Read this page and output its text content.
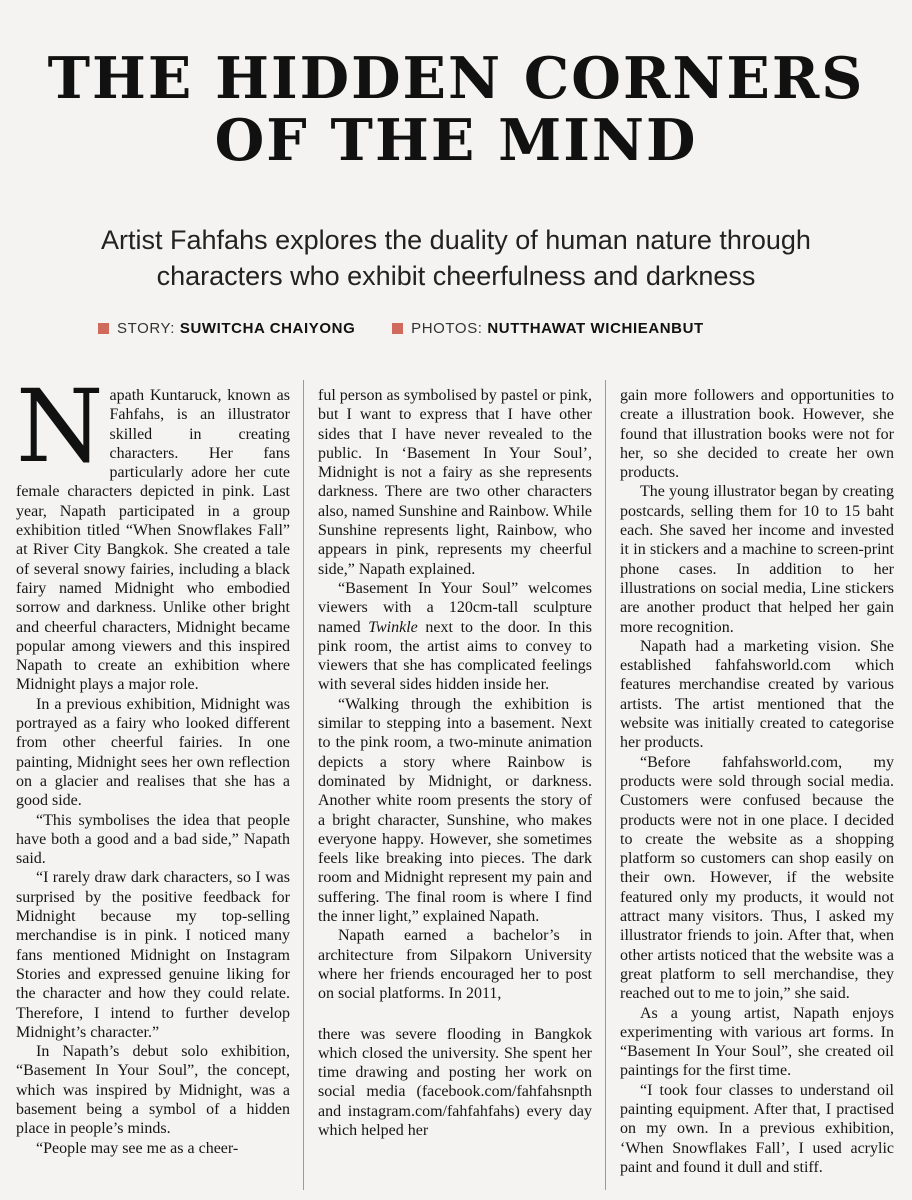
THE HIDDEN CORNERS
OF THE MIND
Artist Fahfahs explores the duality of human nature through
characters who exhibit cheerfulness and darkness
STORY: SUWITCHA CHAIYONG	PHOTOS: NUTTHAWAT WICHIEANBUT

Napath Kuntaruck, known as Fahfahs, is an illustrator skilled in creating characters. Her fans particularly adore her cute female characters depicted in pink. Last year, Napath participated in a group exhibition titled “When Snowflakes Fall” at River City Bangkok. She created a tale of several snowy fairies, including a black fairy named Midnight who embodied sorrow and darkness. Unlike other bright and cheerful characters, Midnight became popular among viewers and this inspired Napath to create an exhibition where Midnight plays a major role.

In a previous exhibition, Midnight was portrayed as a fairy who looked different from other cheerful fairies. In one painting, Midnight sees her own reflection on a glacier and realises that she has a good side.

“This symbolises the idea that people have both a good and a bad side,” Napath said.

“I rarely draw dark characters, so I was surprised by the positive feedback for Midnight because my top-selling merchandise is in pink. I noticed many fans mentioned Midnight on Instagram Stories and expressed genuine liking for the character and how they could relate. Therefore, I intend to further develop Midnight’s character.”

In Napath’s debut solo exhibition, “Basement In Your Soul”, the concept, which was inspired by Midnight, was a basement being a symbol of a hidden place in people’s minds.

“People may see me as a cheer-

ful person as symbolised by pastel or pink, but I want to express that I have other sides that I have never revealed to the public. In ‘Basement In Your Soul’, Midnight is not a fairy as she represents darkness. There are two other characters also, named Sunshine and Rainbow. While Sunshine represents light, Rainbow, who appears in pink, represents my cheerful side,” Napath explained.

“Basement In Your Soul” welcomes viewers with a 120cm-tall sculpture named Twinkle next to the door. In this pink room, the artist aims to convey to viewers that she has complicated feelings with several sides hidden inside her.

“Walking through the exhibition is similar to stepping into a basement. Next to the pink room, a two-minute animation depicts a story where Rainbow is dominated by Midnight, or darkness. Another white room presents the story of a bright character, Sunshine, who makes everyone happy. However, she sometimes feels like breaking into pieces. The dark room and Midnight represent my pain and suffering. The final room is where I find the inner light,” explained Napath.

Napath earned a bachelor’s in architecture from Silpakorn University where her friends encouraged her to post on social platforms. In 2011,

there was severe flooding in Bangkok which closed the university. She spent her time drawing and posting her work on social media (facebook.com/fahfahsnpth and instagram.com/fahfahfahs) every day which helped her

gain more followers and opportunities to create a illustration book. However, she found that illustration books were not for her, so she decided to create her own products.

The young illustrator began by creating postcards, selling them for 10 to 15 baht each. She saved her income and invested it in stickers and a machine to screen-print phone cases. In addition to her illustrations on social media, Line stickers are another product that helped her gain more recognition.

Napath had a marketing vision. She established fahfahsworld.com which features merchandise created by various artists. The artist mentioned that the website was initially created to categorise her products.

“Before fahfahsworld.com, my products were sold through social media. Customers were confused because the products were not in one place. I decided to create the website as a shopping platform so customers can shop easily on their own. However, if the website featured only my products, it would not attract many visitors. Thus, I asked my illustrator friends to join. After that, when other artists noticed that the website was a great platform to sell merchandise, they reached out to me to join,” she said.

As a young artist, Napath enjoys experimenting with various art forms. In “Basement In Your Soul”, she created oil paintings for the first time.

“I took four classes to understand oil painting equipment. After that, I practised on my own. In a previous exhibition, ‘When Snowflakes Fall’, I used acrylic paint and found it dull and stiff.
